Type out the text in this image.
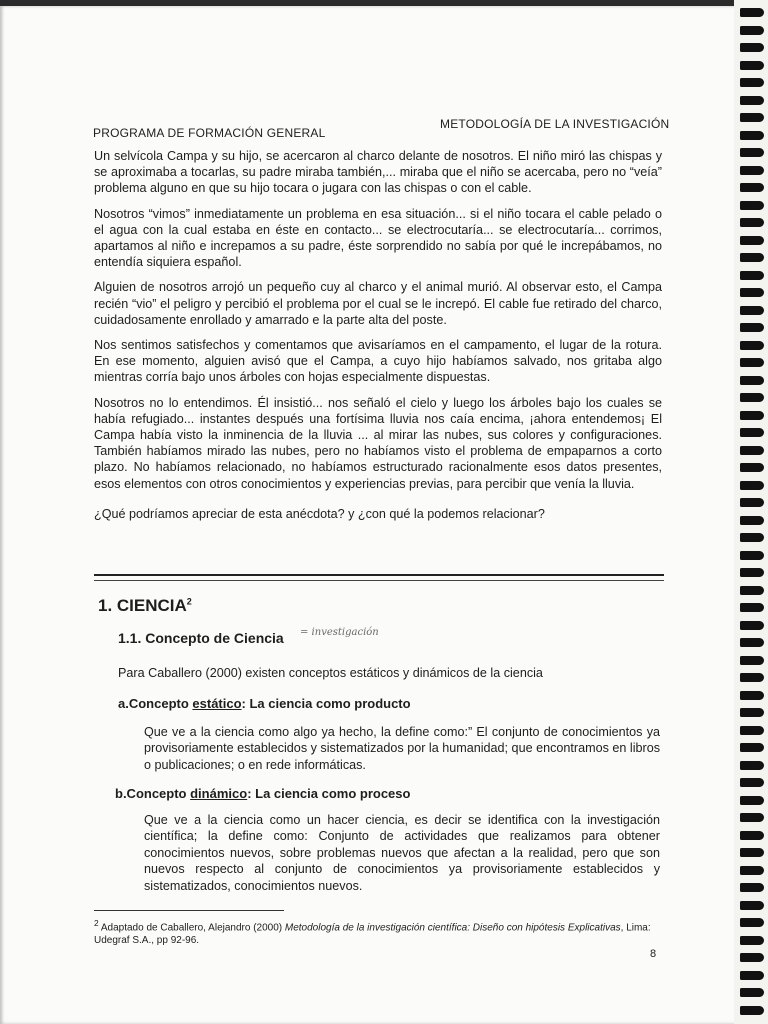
PROGRAMA DE FORMACIÓN GENERAL
METODOLOGÍA DE LA INVESTIGACIÓN

Un selvícola Campa y su hijo, se acercaron al charco delante de nosotros. El niño miró las chispas y se aproximaba a tocarlas, su padre miraba también,... miraba que el niño se acercaba, pero no “veía” problema alguno en que su hijo tocara o jugara con las chispas o con el cable.

Nosotros “vimos” inmediatamente un problema en esa situación... si el niño tocara el cable pelado o el agua con la cual estaba en éste en contacto... se electrocutaría... se electrocutaría... corrimos, apartamos al niño e increpamos a su padre, éste sorprendido no sabía por qué le increpábamos, no entendía siquiera español.

Alguien de nosotros arrojó un pequeño cuy al charco y el animal murió. Al observar esto, el Campa recién “vio” el peligro y percibió el problema por el cual se le increpó. El cable fue retirado del charco, cuidadosamente enrollado y amarrado e la parte alta del poste.

Nos sentimos satisfechos y comentamos que avisaríamos en el campamento, el lugar de la rotura. En ese momento, alguien avisó que el Campa, a cuyo hijo habíamos salvado, nos gritaba algo mientras corría bajo unos árboles con hojas especialmente dispuestas.

Nosotros no lo entendimos. Él insistió... nos señaló el cielo y luego los árboles bajo los cuales se había refugiado... instantes después una fortísima lluvia nos caía encima, ¡ahora entendemos¡ El Campa había visto la inminencia de la lluvia ... al mirar las nubes, sus colores y configuraciones. También habíamos mirado las nubes, pero no habíamos visto el problema de empaparnos a corto plazo. No habíamos relacionado, no habíamos estructurado racionalmente esos datos presentes, esos elementos con otros conocimientos y experiencias previas, para percibir que venía la lluvia.

¿Qué podríamos apreciar de esta anécdota? y ¿con qué la podemos relacionar?

1. CIENCIA$^2$
1.1. Concepto de Ciencia = investigación
Para Caballero (2000) existen conceptos estáticos y dinámicos de la ciencia
a.Concepto estático: La ciencia como producto
Que ve a la ciencia como algo ya hecho, la define como:” El conjunto de conocimientos ya provisoriamente establecidos y sistematizados por la humanidad; que encontramos en libros o publicaciones; o en rede informáticas.
b.Concepto dinámico: La ciencia como proceso
Que ve a la ciencia como un hacer ciencia, es decir se identifica con la investigación científica; la define como: Conjunto de actividades que realizamos para obtener conocimientos nuevos, sobre problemas nuevos que afectan a la realidad, pero que son nuevos respecto al conjunto de conocimientos ya provisoriamente establecidos y sistematizados, conocimientos nuevos.
$^2$ Adaptado de Caballero, Alejandro (2000) Metodología de la investigación científica: Diseño con hipótesis Explicativas, Lima: Udegraf S.A., pp 92-96.
8
